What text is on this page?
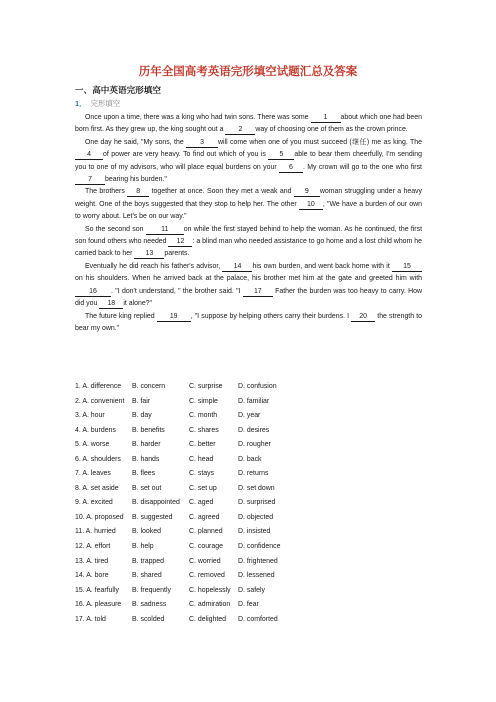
历年全国高考英语完形填空试题汇总及答案
一、高中英语完形填空
1． 完形填空

Once upon a time, there was a king who had twin sons. There was some 1 about which one had been born first. As they grew up, the king sought out a 2 way of choosing one of them as the crown prince.

One day he said, "My sons, the 3 will come when one of you must succeed (继任) me as king. The 4 of power are very heavy. To find out which of you is 5 able to bear them cheerfully, I'm sending you to one of my advisors, who will place equal burdens on your 6 . My crown will go to the one who first 7 bearing his burden."

The brothers 8 together at once. Soon they met a weak and 9 woman struggling under a heavy weight. One of the boys suggested that they stop to help her. The other 10 , "We have a burden of our own to worry about. Let's be on our way."

So the second son 11 on while the first stayed behind to help the woman. As he continued, the first son found others who needed 12 : a blind man who needed assistance to go home and a lost child whom he carried back to her 13 parents.

Eventually he did reach his father's advisor, 14 his own burden, and went back home with it 15on his shoulders. When he arrived back at the palace, his brother met him at the gate and greeted him with 16 . "I don't understand, " the brother said. "I 17 Father the burden was too heavy to carry. How did you 18 it alone?"

The future king replied 19 , "I suppose by helping others carry their burdens. I 20 the strength to bear my own."

1. A. difference B. concern	C. surprise D. confusion
2. A. convenient B. fair	C. simple	D. familiar
3. A. hour	B. day	C. month	D. year
4. A. burdens B. benefits	C. shares	D. desires
5. A. worse	B. harder	C. better	D. rougher
6. A. shoulders B. hands	C. head	D. back
7. A. leaves	B. flees	C. stays	D. returns
8. A. set aside B. set out	C. set up	D. set down
9. A. excited	B. disappointed C. aged	D. surprised
10. A. proposed B. suggested C. agreed	D. objected
11. A. hurried B. looked	C. planned D. insisted
12. A. effort	B. help	C. courage D. confidence
13. A. tired	B. trapped	C. worried	D. frightened
14. A. bore	B. shared	C. removed D. lessened
15. A. fearfully B. frequently	C. hopelessly D. safely
16. A. pleasure B. sadness	C. admiration D. fear
17. A. told	B. scolded	C. delighted D. comforted
